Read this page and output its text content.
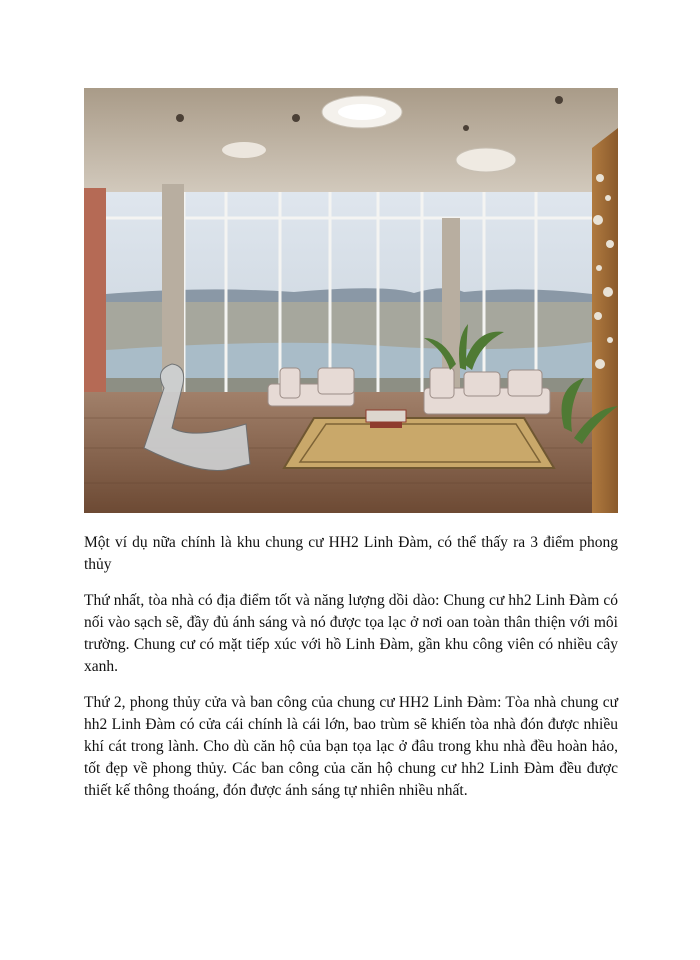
Một ví dụ nữa chính là khu chung cư HH2 Linh Đàm, có thể thấy ra 3 điểm phong thủy

Thứ nhất, tòa nhà có địa điểm tốt và năng lượng dồi dào: Chung cư hh2 Linh Đàm có nối vào sạch sẽ, đầy đủ ánh sáng và nó được tọa lạc ở nơi oan toàn thân thiện với môi trường. Chung cư có mặt tiếp xúc với hồ Linh Đàm, gần khu công viên có nhiều cây xanh.

Thứ 2, phong thủy cửa và ban công của chung cư HH2 Linh Đàm: Tòa nhà chung cư hh2 Linh Đàm có cửa cái chính là cái lớn, bao trùm sẽ khiến tòa nhà đón được nhiều khí cát trong lành. Cho dù căn hộ của bạn tọa lạc ở đâu trong khu nhà đều hoàn hảo, tốt đẹp về phong thủy. Các ban công của căn hộ chung cư hh2 Linh Đàm đều được thiết kế thông thoáng, đón được ánh sáng tự nhiên nhiều nhất.
